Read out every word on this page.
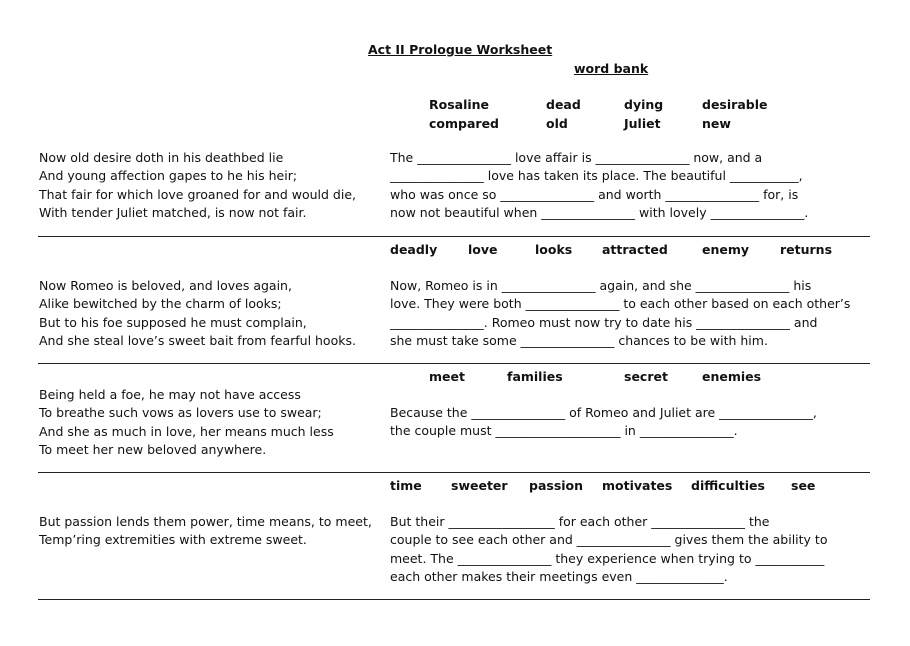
Act II Prologue Worksheet
word bank
Rosaline	dead	dying	desirable
compared	old	Juliet	new
Now old desire doth in his deathbed lie
And young affection gapes to he his heir;
That fair for which love groaned for and would die,
With tender Juliet matched, is now not fair.
The _______________ love affair is _______________ now, and a
_______________ love has taken its place. The beautiful ___________,
who was once so _______________ and worth _______________ for, is
now not beautiful when _______________ with lovely _______________.
deadly love	looks attracted	enemy returns
Now Romeo is beloved, and loves again,
Alike bewitched by the charm of looks;
But to his foe supposed he must complain,
And she steal love’s sweet bait from fearful hooks.
Now, Romeo is in _______________ again, and she _______________ his
love. They were both _______________ to each other based on each other’s
_______________. Romeo must now try to date his _______________ and
she must take some _______________ chances to be with him.
meet	families	secret	enemies
Being held a foe, he may not have access
To breathe such vows as lovers use to swear;
And she as much in love, her means much less
To meet her new beloved anywhere.
Because the _______________ of Romeo and Juliet are _______________,
the couple must ____________________ in _______________.
time sweeter passion motivates difficulties see
But passion lends them power, time means, to meet,
Temp’ring extremities with extreme sweet.
But their _________________ for each other _______________ the
couple to see each other and _______________ gives them the ability to
meet. The _______________ they experience when trying to ___________
each other makes their meetings even ______________.
